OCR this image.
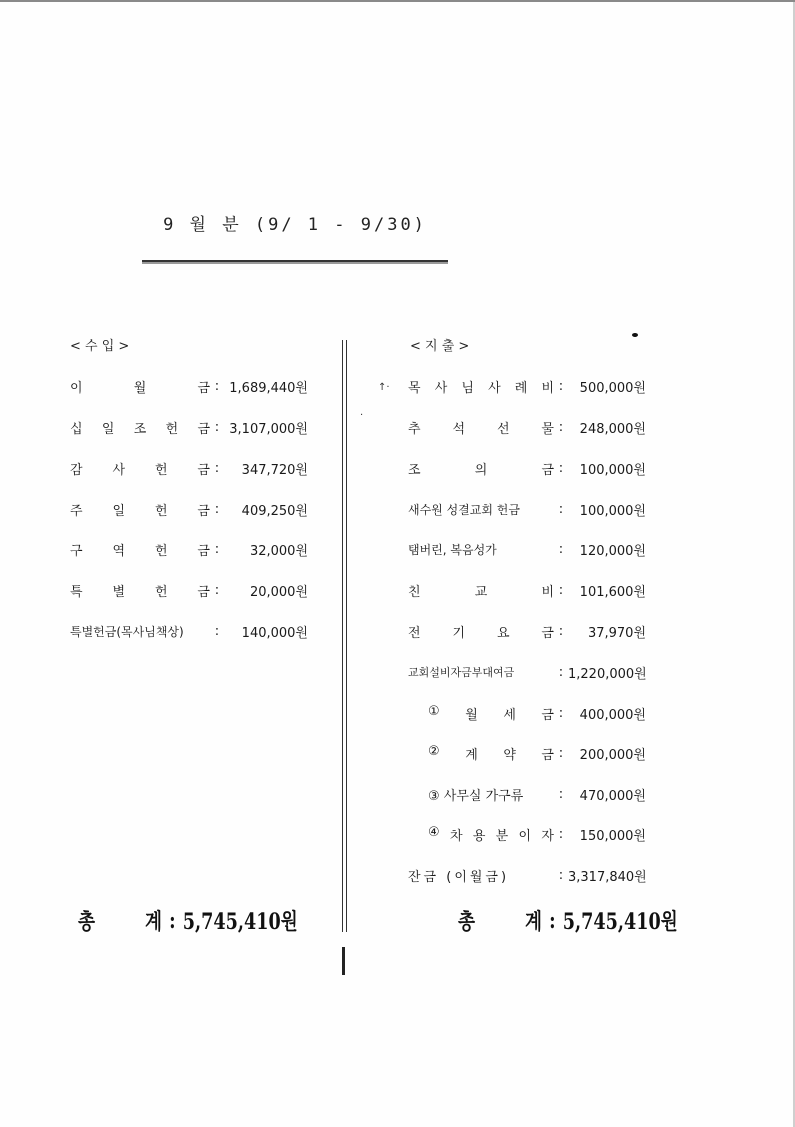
9 월 분 (9/ 1 - 9/30)
↑·
·
< 수 입 >
이	월	금 : 1,689,440원
십 일 조 헌 금 : 3,107,000원
감 사 헌 금 :	347,720원
주 일 헌 금 :	409,250원
구 역 헌 금 :	32,000원
특 별 헌 금 :	20,000원
특별헌금(목사님책상)	:	140,000원
총 계 : 5,745,410원
< 지 출 >
목 사 님 사 례 비 :	500,000원
추 석 선 물 :	248,000원
조	의	금 :	100,000원
새수원 성결교회 헌금	:	100,000원
탬버린, 복음성가	:	120,000원
친	교	비 :	101,600원
전 기 요 금 :	37,970원
교회설비자금부대여금	: 1,220,000원
① 월 세 금 :	400,000원
② 계 약 금 :	200,000원
③ 사무실 가구류	:	470,000원
④ 차 용 분 이 자 :	150,000원
잔금 (이월금)	: 3,317,840원
총 계 : 5,745,410원
